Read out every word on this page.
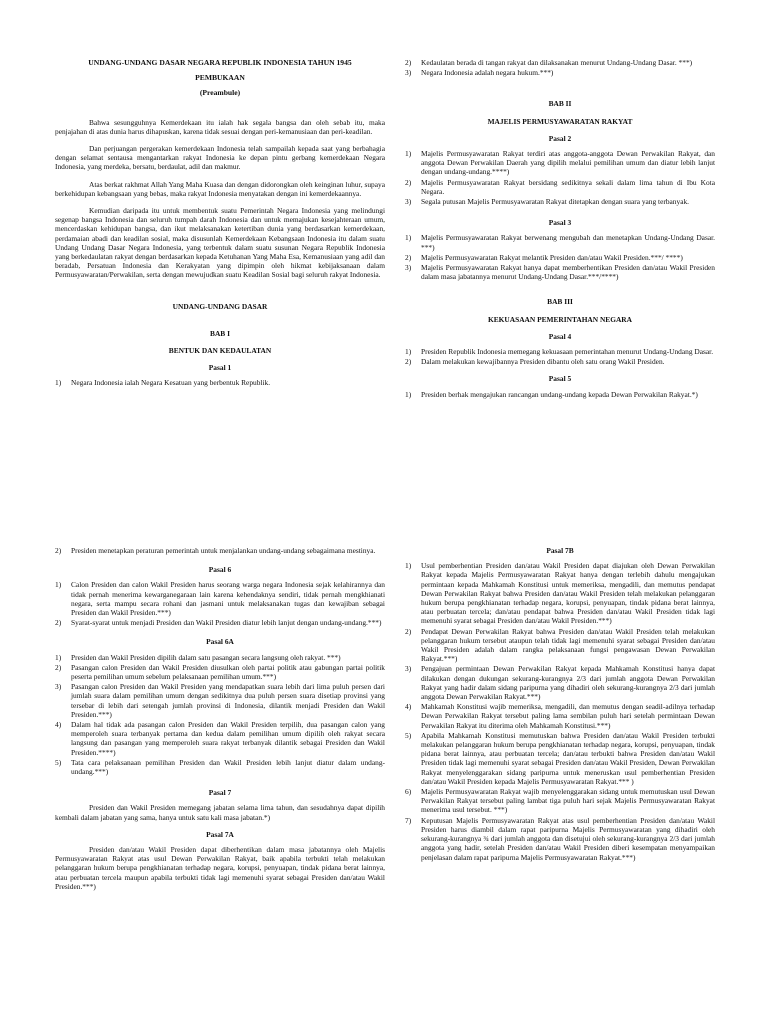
UNDANG-UNDANG DASAR NEGARA REPUBLIK INDONESIA TAHUN 1945
PEMBUKAAN
(Preambule)

Bahwa sesungguhnya Kemerdekaan itu ialah hak segala bangsa dan oleh sebab itu, maka penjajahan di atas dunia harus dihapuskan, karena tidak sesuai dengan peri-kemanusiaan dan peri-keadilan.

Dan perjuangan pergerakan kemerdekaan Indonesia telah sampailah kepada saat yang berbahagia dengan selamat sentausa mengantarkan rakyat Indonesia ke depan pintu gerbang kemerdekaan Negara Indonesia, yang merdeka, bersatu, berdaulat, adil dan makmur.

Atas berkat rakhmat Allah Yang Maha Kuasa dan dengan didorongkan oleh keinginan luhur, supaya berkehidupan kebangsaan yang bebas, maka rakyat Indonesia menyatakan dengan ini kemerdekaannya.

Kemudian daripada itu untuk membentuk suatu Pemerintah Negara Indonesia yang melindungi segenap bangsa Indonesia dan seluruh tumpah darah Indonesia dan untuk memajukan kesejahteraan umum, mencerdaskan kehidupan bangsa, dan ikut melaksanakan ketertiban dunia yang berdasarkan kemerdekaan, perdamaian abadi dan keadilan sosial, maka disusunlah Kemerdekaan Kebangsaan Indonesia itu dalam suatu Undang Undang Dasar Negara Indonesia, yang terbentuk dalam suatu susunan Negara Republik Indonesia yang berkedaulatan rakyat dengan berdasarkan kepada Ketuhanan Yang Maha Esa, Kemanusiaan yang adil dan beradab, Persatuan Indonesia dan Kerakyatan yang dipimpin oleh hikmat kebijaksanaan dalam Permusyawaratan/Perwakilan, serta dengan mewujudkan suatu Keadilan Sosial bagi seluruh rakyat Indonesia.

UNDANG-UNDANG DASAR
BAB I
BENTUK DAN KEDAULATAN
Pasal 1
1)	Negara Indonesia ialah Negara Kesatuan yang berbentuk Republik.
2)	Kedaulatan berada di tangan rakyat dan dilaksanakan menurut Undang-Undang Dasar. ***)
3)	Negara Indonesia adalah negara hukum.***)
BAB II
MAJELIS PERMUSYAWARATAN RAKYAT
Pasal 2
1)	Majelis Permusyawaratan Rakyat terdiri atas anggota-anggota Dewan Perwakilan Rakyat, dan anggota Dewan Perwakilan Daerah yang dipilih melalui pemilihan umum dan diatur lebih lanjut dengan undang-undang.****)
2)	Majelis Permusyawaratan Rakyat bersidang sedikitnya sekali dalam lima tahun di Ibu Kota Negara.
3)	Segala putusan Majelis Permusyawaratan Rakyat ditetapkan dengan suara yang terbanyak.
Pasal 3
1)	Majelis Permusyawaratan Rakyat berwenang mengubah dan menetapkan Undang-Undang Dasar. ***)
2)	Majelis Permusyawaratan Rakyat melantik Presiden dan/atau Wakil Presiden.***/ ****)
3)	Majelis Permusyawaratan Rakyat hanya dapat memberhentikan Presiden dan/atau Wakil Presiden dalam masa jabatannya menurut Undang-Undang Dasar.***/****)
BAB III
KEKUASAAN PEMERINTAHAN NEGARA
Pasal 4
1)	Presiden Republik Indonesia memegang kekuasaan pemerintahan menurut Undang-Undang Dasar.
2)	Dalam melakukan kewajibannya Presiden dibantu oleh satu orang Wakil Presiden.
Pasal 5
1)	Presiden berhak mengajukan rancangan undang-undang kepada Dewan Perwakilan Rakyat.*)
2)	Presiden menetapkan peraturan pemerintah untuk menjalankan undang-undang sebagaimana mestinya.
Pasal 6
1)	Calon Presiden dan calon Wakil Presiden harus seorang warga negara Indonesia sejak kelahirannya dan tidak pernah menerima kewarganegaraan lain karena kehendaknya sendiri, tidak pernah mengkhianati negara, serta mampu secara rohani dan jasmani untuk melaksanakan tugas dan kewajiban sebagai Presiden dan Wakil Presiden.***)
2)	Syarat-syarat untuk menjadi Presiden dan Wakil Presiden diatur lebih lanjut dengan undang-undang.***)
Pasal 6A
1)	Presiden dan Wakil Presiden dipilih dalam satu pasangan secara langsung oleh rakyat. ***)
2)	Pasangan calon Presiden dan Wakil Presiden diusulkan oleh partai politik atau gabungan partai politik peserta pemilihan umum sebelum pelaksanaan pemilihan umum.***)
3)	Pasangan calon Presiden dan Wakil Presiden yang mendapatkan suara lebih dari lima puluh persen dari jumlah suara dalam pemilihan umum dengan sedikitnya dua puluh persen suara disetiap provinsi yang tersebar di lebih dari setengah jumlah provinsi di Indonesia, dilantik menjadi Presiden dan Wakil Presiden.***)
4)	Dalam hal tidak ada pasangan calon Presiden dan Wakil Presiden terpilih, dua pasangan calon yang memperoleh suara terbanyak pertama dan kedua dalam pemilihan umum dipilih oleh rakyat secara langsung dan pasangan yang memperoleh suara rakyat terbanyak dilantik sebagai Presiden dan Wakil Presiden.****)
5)	Tata cara pelaksanaan pemilihan Presiden dan Wakil Presiden lebih lanjut diatur dalam undang-undang.***)
Pasal 7

Presiden dan Wakil Presiden memegang jabatan selama lima tahun, dan sesudahnya dapat dipilih kembali dalam jabatan yang sama, hanya untuk satu kali masa jabatan.*)

Pasal 7A

Presiden dan/atau Wakil Presiden dapat diberhentikan dalam masa jabatannya oleh Majelis Permusyawaratan Rakyat atas usul Dewan Perwakilan Rakyat, baik apabila terbukti telah melakukan pelanggaran hukum berupa pengkhianatan terhadap negara, korupsi, penyuapan, tindak pidana berat lainnya, atau perbuatan tercela maupun apabila terbukti tidak lagi memenuhi syarat sebagai Presiden dan/atau Wakil Presiden.***)

Pasal 7B
1)	Usul pemberhentian Presiden dan/atau Wakil Presiden dapat diajukan oleh Dewan Perwakilan Rakyat kepada Majelis Permusyawaratan Rakyat hanya dengan terlebih dahulu mengajukan permintaan kepada Mahkamah Konstitusi untuk memeriksa, mengadili, dan memutus pendapat Dewan Perwakilan Rakyat bahwa Presiden dan/atau Wakil Presiden telah melakukan pelanggaran hukum berupa pengkhianatan terhadap negara, korupsi, penyuapan, tindak pidana berat lainnya, atau perbuatan tercela; dan/atau pendapat bahwa Presiden dan/atau Wakil Presiden tidak lagi memenuhi syarat sebagai Presiden dan/atau Wakil Presiden.***)
2)	Pendapat Dewan Perwakilan Rakyat bahwa Presiden dan/atau Wakil Presiden telah melakukan pelanggaran hukum tersebut ataupun telah tidak lagi memenuhi syarat sebagai Presiden dan/atau Wakil Presiden adalah dalam rangka pelaksanaan fungsi pengawasan Dewan Perwakilan Rakyat.***)
3)	Pengajuan permintaan Dewan Perwakilan Rakyat kepada Mahkamah Konstitusi hanya dapat dilakukan dengan dukungan sekurang-kurangnya 2/3 dari jumlah anggota Dewan Perwakilan Rakyat yang hadir dalam sidang paripurna yang dihadiri oleh sekurang-kurangnya 2/3 dari jumlah anggota Dewan Perwakilan Rakyat.***)
4)	Mahkamah Konstitusi wajib memeriksa, mengadili, dan memutus dengan seadil-adilnya terhadap Dewan Perwakilan Rakyat tersebut paling lama sembilan puluh hari setelah permintaan Dewan Perwakilan Rakyat itu diterima oleh Mahkamah Konstitusi.***)
5)	Apabila Mahkamah Konstitusi memutuskan bahwa Presiden dan/atau Wakil Presiden terbukti melakukan pelanggaran hukum berupa pengkhianatan terhadap negara, korupsi, penyuapan, tindak pidana berat lainnya, atau perbuatan tercela; dan/atau terbukti bahwa Presiden dan/atau Wakil Presiden tidak lagi memenuhi syarat sebagai Presiden dan/atau Wakil Presiden, Dewan Perwakilan Rakyat menyelenggarakan sidang paripurna untuk meneruskan usul pemberhentian Presiden dan/atau Wakil Presiden kepada Majelis Permusyawaratan Rakyat.*** )
6)	Majelis Permusyawaratan Rakyat wajib menyelenggarakan sidang untuk memutuskan usul Dewan Perwakilan Rakyat tersebut paling lambat tiga puluh hari sejak Majelis Permusyawaratan Rakyat menerima usul tersebut. ***)
7)	Keputusan Majelis Permusyawaratan Rakyat atas usul pemberhentian Presiden dan/atau Wakil Presiden harus diambil dalam rapat paripurna Majelis Permusyawaratan yang dihadiri oleh sekurang-kurangnya ¾ dari jumlah anggota dan disetujui oleh sekurang-kurangnya 2/3 dari jumlah anggota yang hadir, setelah Presiden dan/atau Wakil Presiden diberi kesempatan menyampaikan penjelasan dalam rapat paripurna Majelis Permusyawaratan Rakyat.***)
